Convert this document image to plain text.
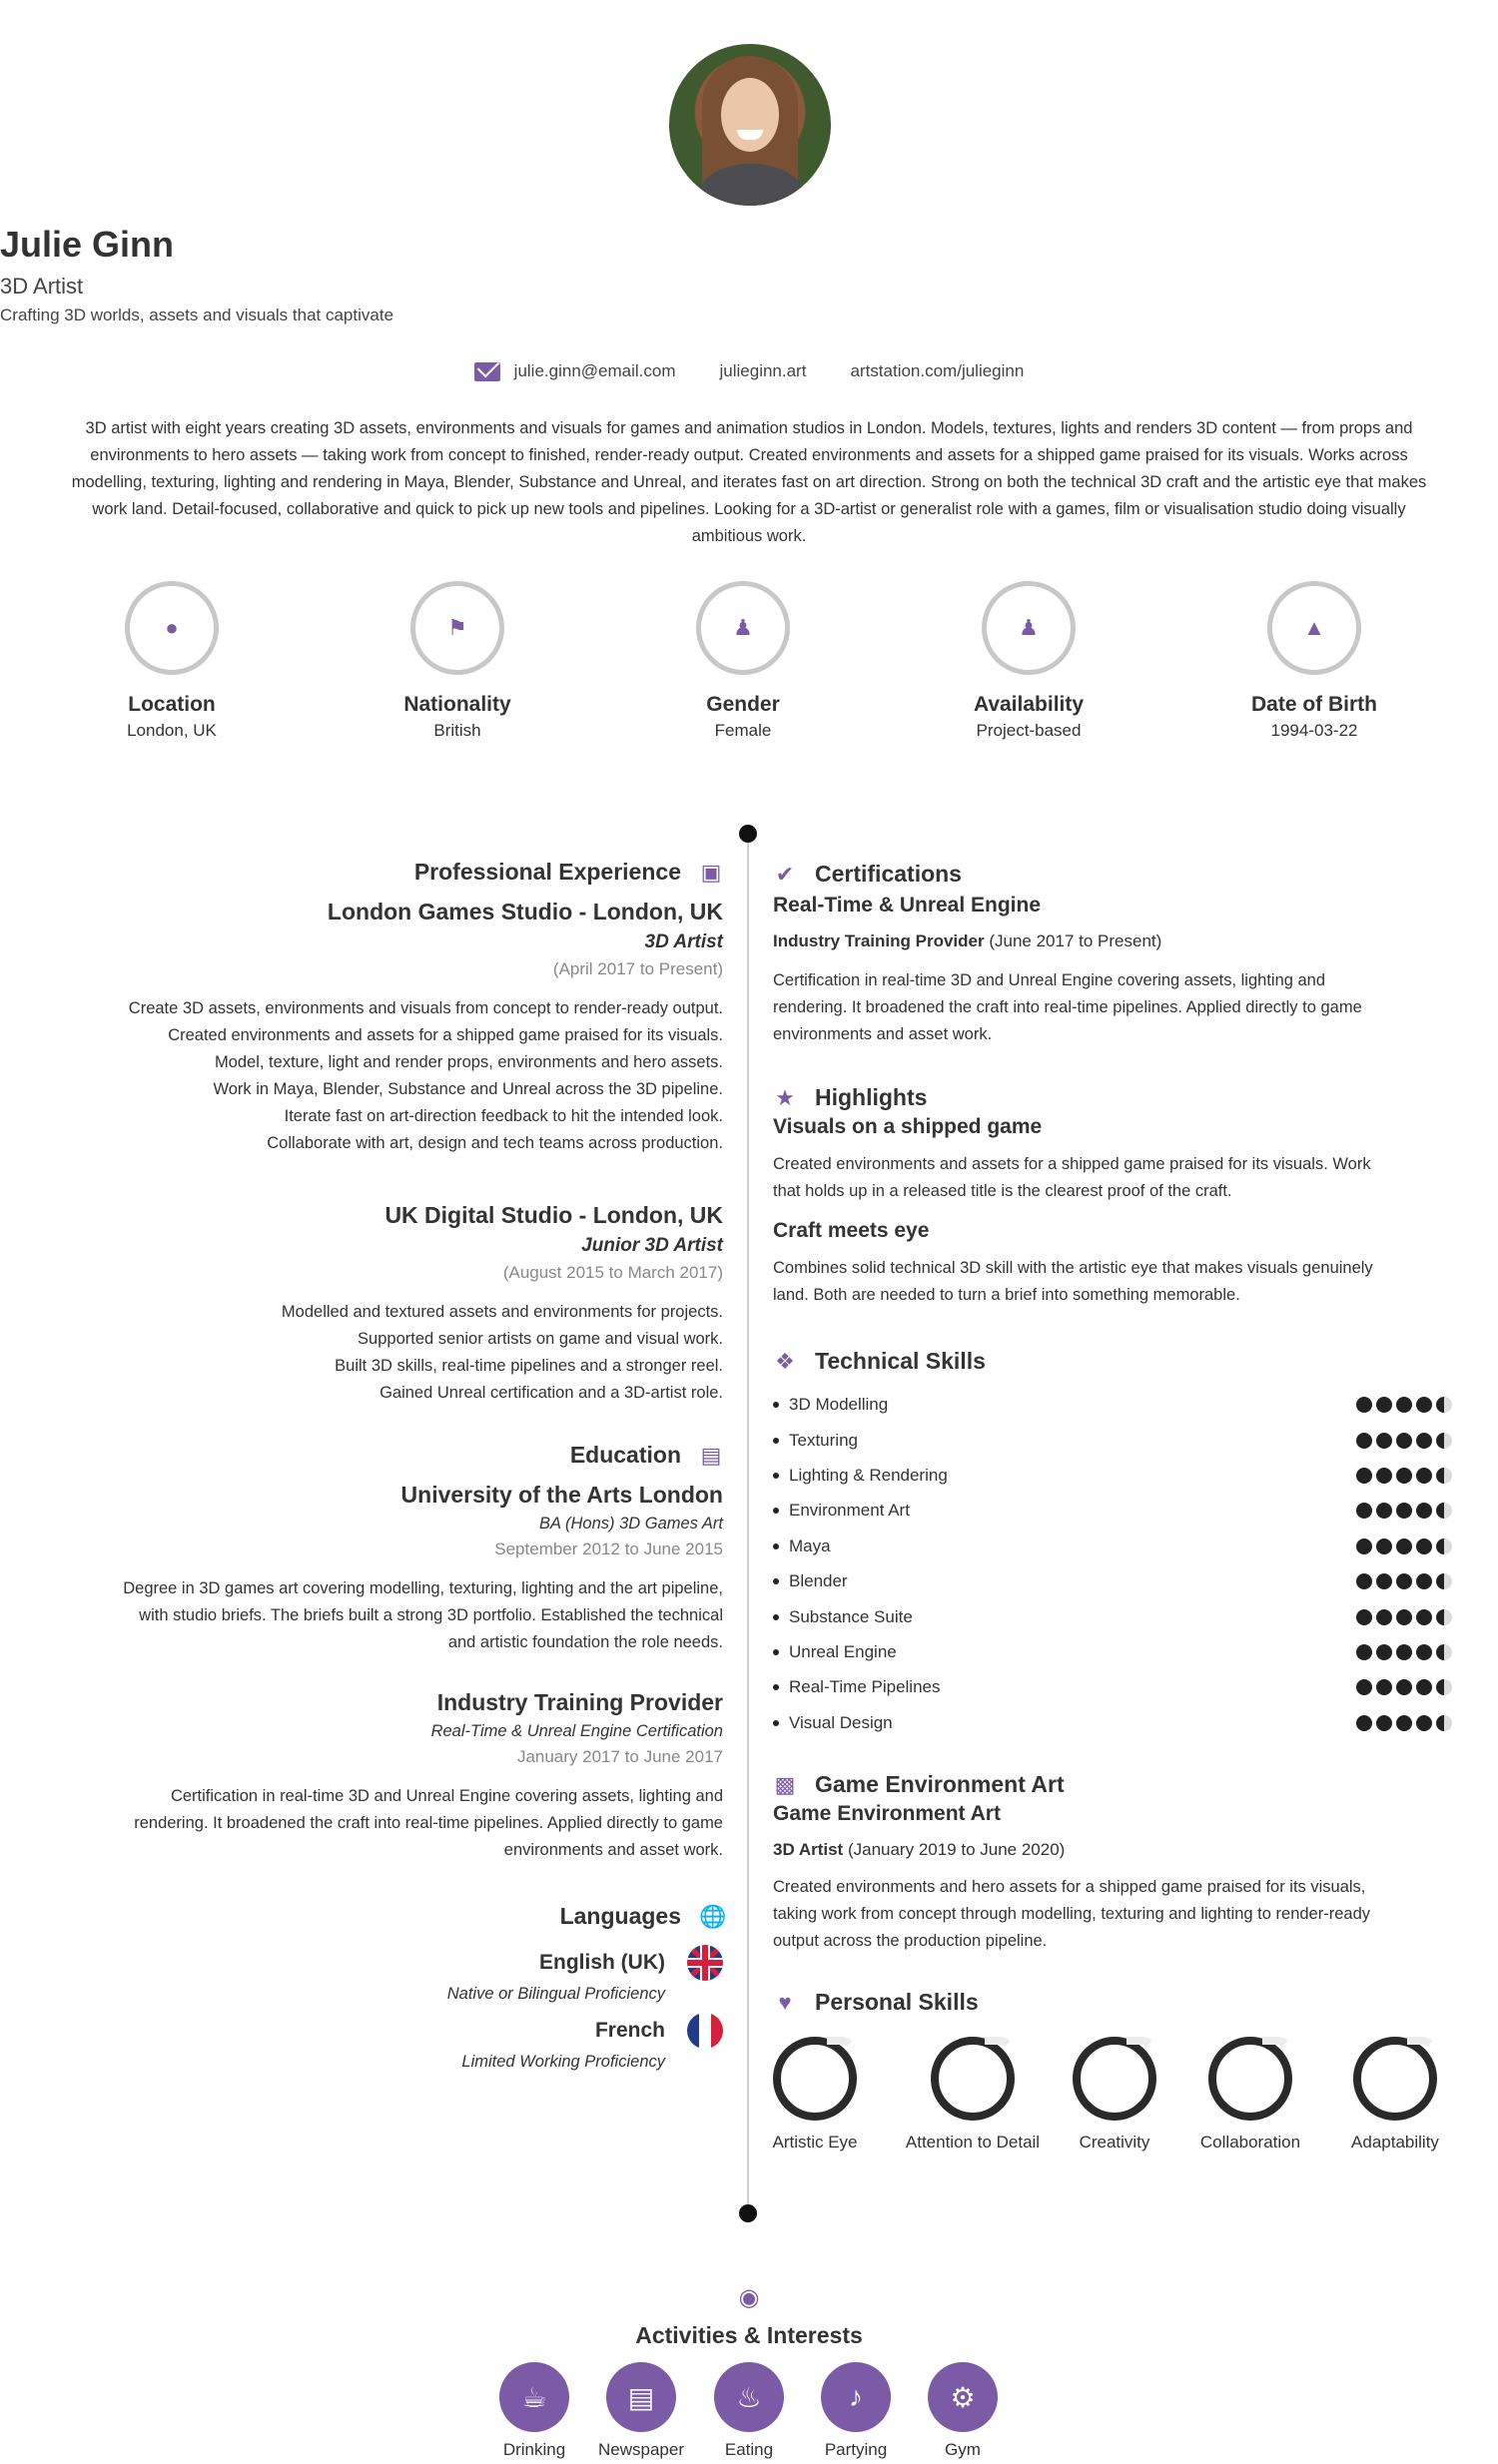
Julie Ginn
3D Artist
Crafting 3D worlds, assets and visuals that captivate
julie.ginn@email.com	julieginn.art	artstation.com/julieginn
3D artist with eight years creating 3D assets, environments and visuals for games and animation studios in London. Models, textures, lights and renders 3D content — from props and environments to hero assets — taking work from concept to finished, render-ready output. Created environments and assets for a shipped game praised for its visuals. Works across modelling, texturing, lighting and rendering in Maya, Blender, Substance and Unreal, and iterates fast on art direction. Strong on both the technical 3D craft and the artistic eye that makes work land. Detail-focused, collaborative and quick to pick up new tools and pipelines. Looking for a 3D-artist or generalist role with a games, film or visualisation studio doing visually ambitious work.
●
Location
London, UK
⚑
Nationality
British
♟
Gender
Female
♟
Availability
Project-based
▲
Date of Birth
1994-03-22
Professional Experience ▣
London Games Studio - London, UK
3D Artist
(April 2017 to Present)
Create 3D assets, environments and visuals from concept to render-ready output.
Created environments and assets for a shipped game praised for its visuals.
Model, texture, light and render props, environments and hero assets.
Work in Maya, Blender, Substance and Unreal across the 3D pipeline.
Iterate fast on art-direction feedback to hit the intended look.
Collaborate with art, design and tech teams across production.
UK Digital Studio - London, UK
Junior 3D Artist
(August 2015 to March 2017)
Modelled and textured assets and environments for projects.
Supported senior artists on game and visual work.
Built 3D skills, real-time pipelines and a stronger reel.
Gained Unreal certification and a 3D-artist role.
Education ▤
University of the Arts London
BA (Hons) 3D Games Art
September 2012 to June 2015
Degree in 3D games art covering modelling, texturing, lighting and the art pipeline,
with studio briefs. The briefs built a strong 3D portfolio. Established the technical
and artistic foundation the role needs.
Industry Training Provider
Real-Time & Unreal Engine Certification
January 2017 to June 2017
Certification in real-time 3D and Unreal Engine covering assets, lighting and
rendering. It broadened the craft into real-time pipelines. Applied directly to game
environments and asset work.
Languages 🌐
English (UK)
Native or Bilingual Proficiency
French
Limited Working Proficiency
✔ Certifications
Real-Time & Unreal Engine
Industry Training Provider (June 2017 to Present)
Certification in real-time 3D and Unreal Engine covering assets, lighting and
rendering. It broadened the craft into real-time pipelines. Applied directly to game
environments and asset work.
★ Highlights
Visuals on a shipped game
Created environments and assets for a shipped game praised for its visuals. Work
that holds up in a released title is the clearest proof of the craft.
Craft meets eye
Combines solid technical 3D skill with the artistic eye that makes visuals genuinely
land. Both are needed to turn a brief into something memorable.
❖ Technical Skills
3D Modelling
Texturing
Lighting & Rendering
Environment Art
Maya
Blender
Substance Suite
Unreal Engine
Real-Time Pipelines
Visual Design
▩ Game Environment Art
Game Environment Art
3D Artist (January 2019 to June 2020)
Created environments and hero assets for a shipped game praised for its visuals,
taking work from concept through modelling, texturing and lighting to render-ready
output across the production pipeline.
♥ Personal Skills
Artistic Eye	Attention to Detail	Creativity	Collaboration	Adaptability
◉
Activities & Interests
☕
Drinking
▤
Newspaper
♨
Eating
♪
Partying
⚙
Gym
